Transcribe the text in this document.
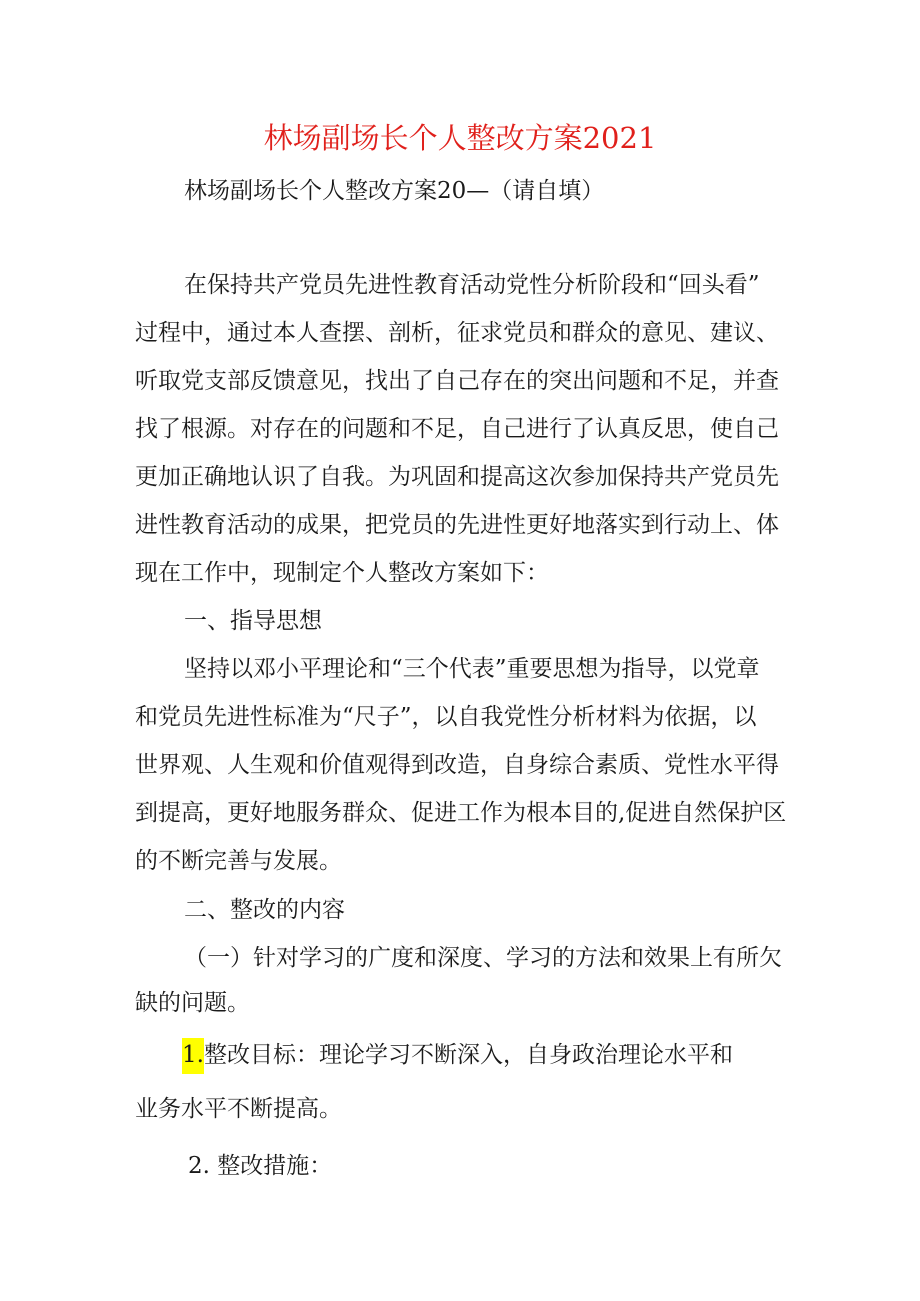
林场副场长个人整改方案2021
林场副场长个人整改方案20—（请自填）
在保持共产党员先进性教育活动党性分析阶段和“回头看”
过程中，通过本人查摆、剖析，征求党员和群众的意见、建议、
听取党支部反馈意见，找出了自己存在的突出问题和不足，并查
找了根源。对存在的问题和不足，自己进行了认真反思，使自己
更加正确地认识了自我。为巩固和提高这次参加保持共产党员先
进性教育活动的成果，把党员的先进性更好地落实到行动上、体
现在工作中，现制定个人整改方案如下：
一、指导思想
坚持以邓小平理论和“三个代表”重要思想为指导，以党章
和党员先进性标准为“尺子”，以自我党性分析材料为依据，以
世界观、人生观和价值观得到改造，自身综合素质、党性水平得
到提高，更好地服务群众、促进工作为根本目的,促进自然保护区
的不断完善与发展。
二、整改的内容
（一）针对学习的广度和深度、学习的方法和效果上有所欠
缺的问题。
1.整改目标：理论学习不断深入，自身政治理论水平和
业务水平不断提高。
2. 整改措施：
